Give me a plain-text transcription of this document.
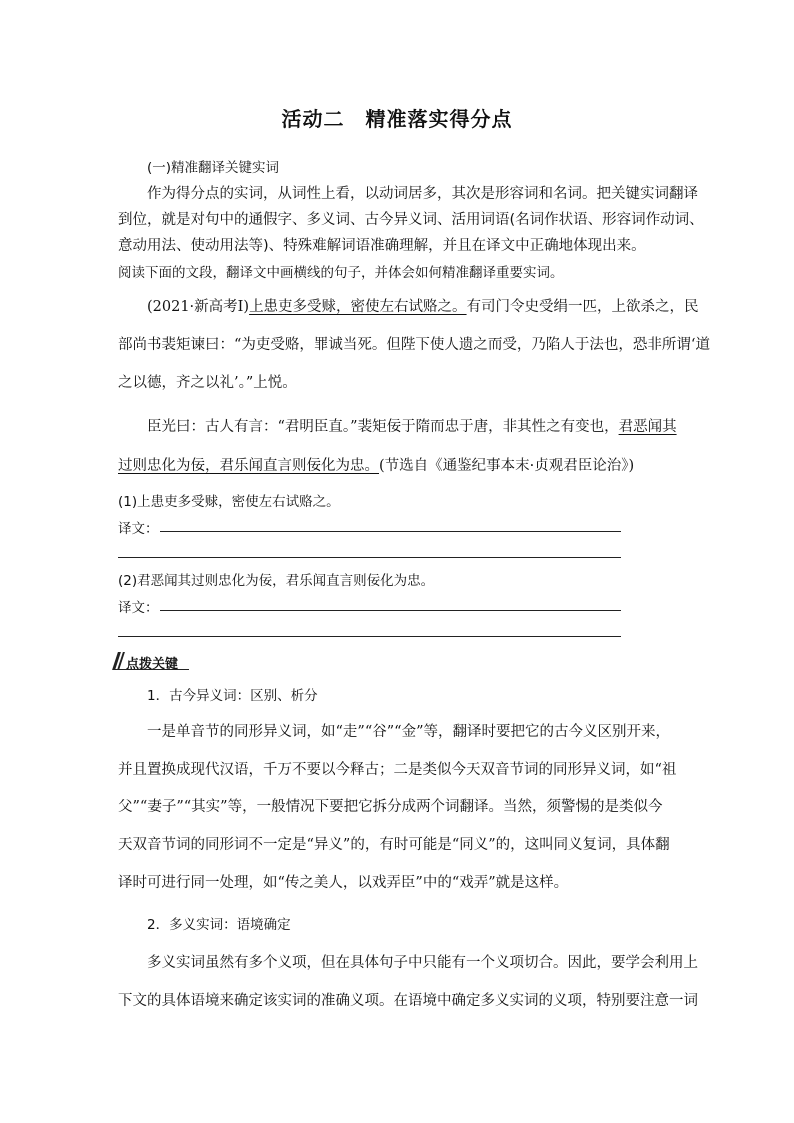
活动二　精准落实得分点
(一)精准翻译关键实词
作为得分点的实词，从词性上看，以动词居多，其次是形容词和名词。把关键实词翻译
到位，就是对句中的通假字、多义词、古今异义词、活用词语(名词作状语、形容词作动词、
意动用法、使动用法等)、特殊难解词语准确理解，并且在译文中正确地体现出来。
阅读下面的文段，翻译文中画横线的句子，并体会如何精准翻译重要实词。
(2021·新高考Ⅰ)上患吏多受赇，密使左右试赂之。有司门令史受绢一匹，上欲杀之，民
部尚书裴矩谏曰：“为吏受赂，罪诚当死。但陛下使人遗之而受，乃陷人于法也，恐非所谓‘道
之以德，齐之以礼’。”上悦。
臣光曰：古人有言：“君明臣直。”裴矩佞于隋而忠于唐，非其性之有变也，君恶闻其
过则忠化为佞，君乐闻直言则佞化为忠。(节选自《通鉴纪事本末·贞观君臣论治》)
(1)上患吏多受赇，密使左右试赂之。
译文：
(2)君恶闻其过则忠化为佞，君乐闻直言则佞化为忠。
译文：
点拨关键
1．古今异义词：区别、析分
一是单音节的同形异义词，如“走”“谷”“金”等，翻译时要把它的古今义区别开来，
并且置换成现代汉语，千万不要以今释古；二是类似今天双音节词的同形异义词，如“祖
父”“妻子”“其实”等，一般情况下要把它拆分成两个词翻译。当然，须警惕的是类似今
天双音节词的同形词不一定是“异义”的，有时可能是“同义”的，这叫同义复词，具体翻
译时可进行同一处理，如“传之美人，以戏弄臣”中的“戏弄”就是这样。
2．多义实词：语境确定
多义实词虽然有多个义项，但在具体句子中只能有一个义项切合。因此，要学会利用上
下文的具体语境来确定该实词的准确义项。在语境中确定多义实词的义项，特别要注意一词
